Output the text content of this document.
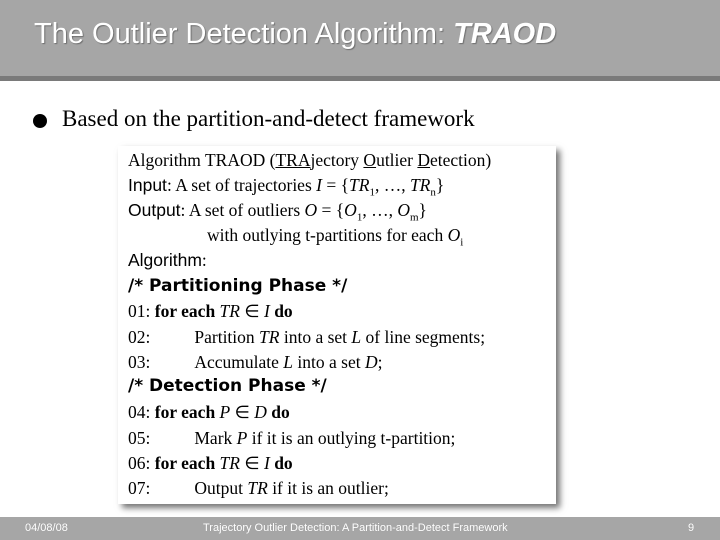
The Outlier Detection Algorithm: TRAOD
Based on the partition-and-detect framework
Algorithm TRAOD (TRAjectory Outlier Detection)
Input: A set of trajectories $I = \{TR_1$, …, $TR_n$}
Output: A set of outliers $O = \{O_1$, …, $O_m$}
with outlying t-partitions for each $O_i$
Algorithm:
/* Partitioning Phase */
01: for each TR ∈ I do
02:	Partition TR into a set L of line segments;
03:	Accumulate L into a set D;
/* Detection Phase */
04: for each P ∈ D do
05:	Mark P if it is an outlying t-partition;
06: for each TR ∈ I do
07:	Output TR if it is an outlier;
04/08/08	Trajectory Outlier Detection: A Partition-and-Detect Framework	9
